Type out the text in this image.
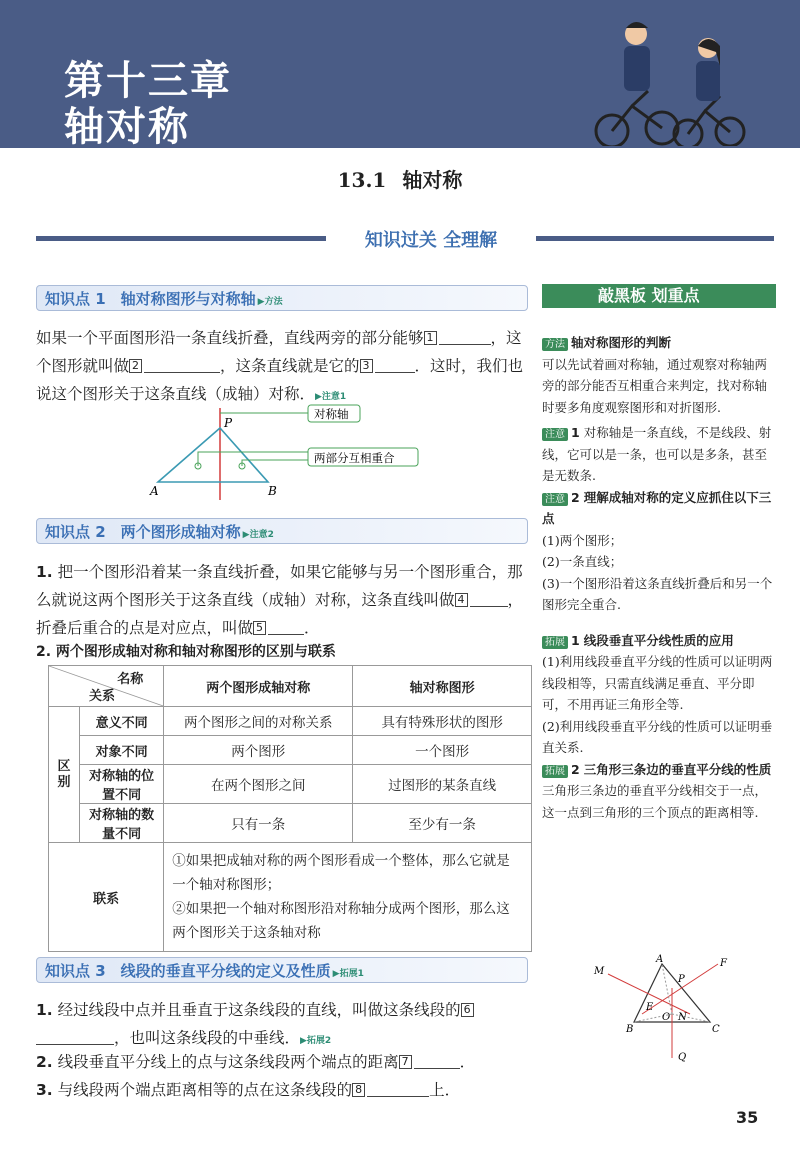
第十三章
轴对称
13.1 轴对称
知识过关 全理解
知识点 1　轴对称图形与对称轴 ▶方法
如果一个平面图形沿一条直线折叠，直线两旁的部分能够 1	，这个图形就叫做 2	，这条直线就是它的 3	．这时，我们也说这个图形关于这条直线（成轴）对称．▶注意1
P
A	B
对称轴
两部分互相重合
知识点 2　两个图形成轴对称 ▶注意2
1. 把一个图形沿着某一条直线折叠，如果它能够与另一个图形重合，那么就说这两个图形关于这条直线（成轴）对称，这条直线叫做 4	，折叠后重合的点是对应点，叫做 5	．
2. 两个图形成轴对称和轴对称图形的区别与联系
名称
关系		两个图形成轴对称	轴对称图形
区别	意义不同	两个图形之间的对称关系	具有特殊形状的图形
	对象不同	两个图形	一个图形
	对称轴的位置不同	在两个图形之间	过图形的某条直线
	对称轴的数量不同	只有一条	至少有一条
联系		①如果把成轴对称的两个图形看成一个整体，那么它就是一个轴对称图形；
②如果把一个轴对称图形沿对称轴分成两个图形，那么这两个图形关于这条轴对称	
知识点 3　线段的垂直平分线的定义及性质 ▶拓展1
1. 经过线段中点并且垂直于这条线段的直线，叫做这条线段的 6，也叫这条线段的中垂线．▶拓展2
2. 线段垂直平分线上的点与这条线段两个端点的距离 7	．
3. 与线段两个端点距离相等的点在这条线段的 8	上．
敲黑板 划重点

方法 轴对称图形的判断

可以先试着画对称轴，通过观察对称轴两旁的部分能否互相重合来判定，找对称轴时要多角度观察图形和对折图形.

注意 1 对称轴是一条直线，不是线段、射线，它可以是一条，也可以是多条，甚至是无数条.

注意 2 理解成轴对称的定义应抓住以下三点

(1)两个图形；

(2)一条直线；

(3)一个图形沿着这条直线折叠后和另一个图形完全重合.

拓展 1 线段垂直平分线性质的应用

(1)利用线段垂直平分线的性质可以证明两线段相等，只需直线满足垂直、平分即可，不用再证三角形全等.

(2)利用线段垂直平分线的性质可以证明垂直关系.

拓展 2 三角形三条边的垂直平分线的性质

三角形三条边的垂直平分线相交于一点，这一点到三角形的三个顶点的距离相等.

M
A
P
F
E
O N
B	C
Q
35
